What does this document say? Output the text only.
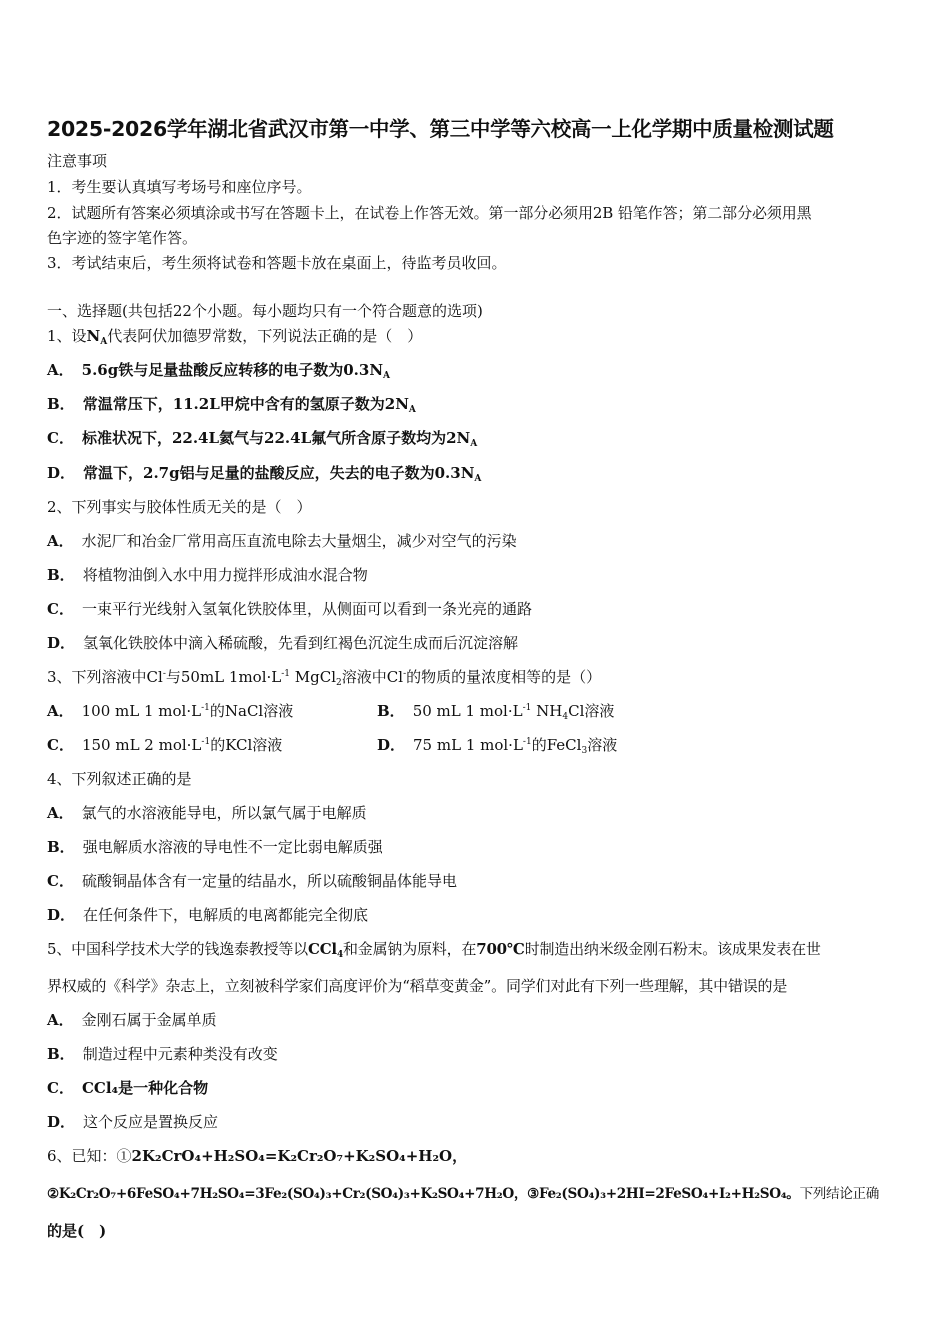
2025-2026学年湖北省武汉市第一中学、第三中学等六校高一上化学期中质量检测试题
注意事项
1．考生要认真填写考场号和座位序号。
2．试题所有答案必须填涂或书写在答题卡上，在试卷上作答无效。第一部分必须用2B 铅笔作答；第二部分必须用黑
色字迹的签字笔作答。
3．考试结束后，考生须将试卷和答题卡放在桌面上，待监考员收回。
一、选择题(共包括22个小题。每小题均只有一个符合题意的选项)
1、设$N_A$代表阿伏加德罗常数，下列说法正确的是（　）
A． 5.6g铁与足量盐酸反应转移的电子数为$0.3N_A$
B． 常温常压下，11.2L甲烷中含有的氢原子数为$2N_A$
C． 标准状况下，22.4L氦气与22.4L氟气所含原子数均为$2N_A$
D． 常温下，2.7g铝与足量的盐酸反应，失去的电子数为$0.3N_A$
2、下列事实与胶体性质无关的是（　）
A． 水泥厂和冶金厂常用高压直流电除去大量烟尘，减少对空气的污染
B． 将植物油倒入水中用力搅拌形成油水混合物
C． 一束平行光线射入氢氧化铁胶体里，从侧面可以看到一条光亮的通路
D． 氢氧化铁胶体中滴入稀硫酸，先看到红褐色沉淀生成而后沉淀溶解
3、下列溶液中Cl-与50mL $1mol\cdot L^{-1}$ MgCl$_2$溶液中Cl-的物质的量浓度相等的是（）
A． 100 mL 1 $mol\cdot L^{-1}$的NaCl溶液	B． 50 mL 1 $mol\cdot L^{-1}$ $NH_4Cl$溶液
C． 150 mL 2 $mol\cdot L^{-1}$的KCl溶液	D． 75 mL 1 $mol\cdot L^{-1}$的FeCl$_3$溶液
4、下列叙述正确的是
A． 氯气的水溶液能导电，所以氯气属于电解质
B． 强电解质水溶液的导电性不一定比弱电解质强
C． 硫酸铜晶体含有一定量的结晶水，所以硫酸铜晶体能导电
D． 在任何条件下，电解质的电离都能完全彻底
5、中国科学技术大学的钱逸泰教授等以CCl$_4$和金属钠为原料，在700℃时制造出纳米级金刚石粉末。该成果发表在世
界权威的《科学》杂志上，立刻被科学家们高度评价为“稻草变黄金”。同学们对此有下列一些理解，其中错误的是
A． 金刚石属于金属单质
B． 制造过程中元素种类没有改变
C． CCl₄是一种化合物
D． 这个反应是置换反应
6、已知：①2K₂CrO₄+H₂SO₄=K₂Cr₂O₇+K₂SO₄+H₂O，
②K₂Cr₂O₇+6FeSO₄+7H₂SO₄=3Fe₂(SO₄)₃+Cr₂(SO₄)₃+K₂SO₄+7H₂O，③Fe₂(SO₄)₃+2HI=2FeSO₄+I₂+H₂SO₄。下列结论正确
的是(　)
